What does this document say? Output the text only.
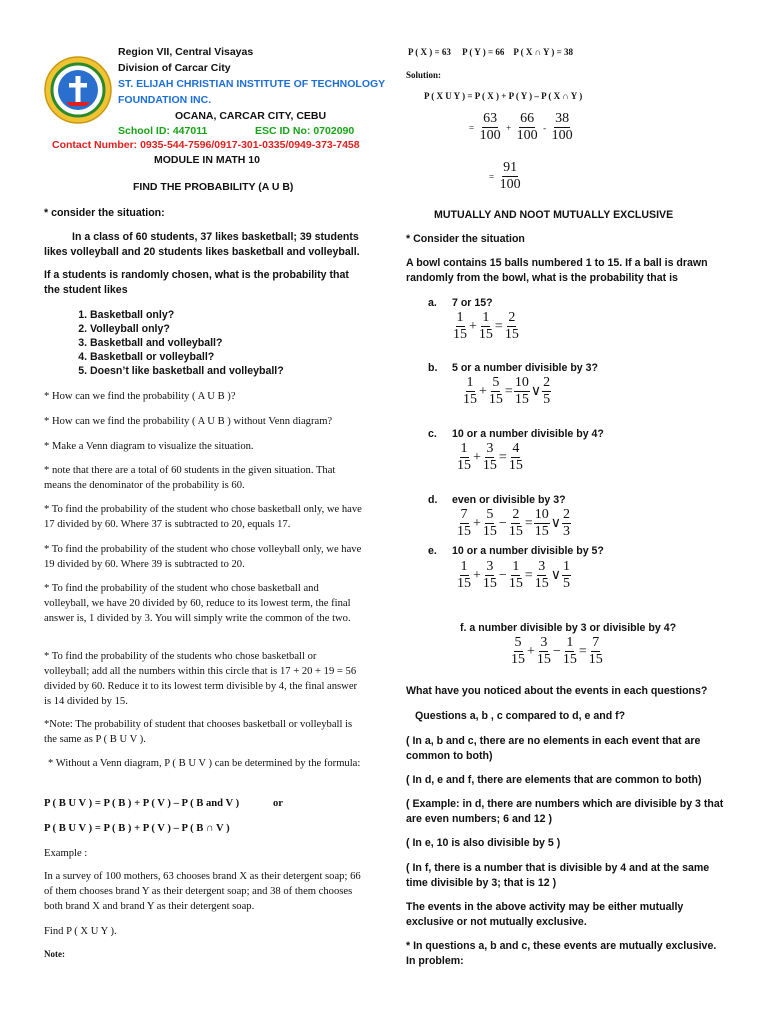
Region VII, Central Visayas
Division of Carcar City
ST. ELIJAH CHRISTIAN INSTITUTE OF TECHNOLOGY
FOUNDATION INC.
OCANA, CARCAR CITY, CEBU
School ID: 447011	ESC ID No: 0702090
Contact Number: 0935-544-7596/0917-301-0335/0949-373-7458
MODULE IN MATH 10
FIND THE PROBABILITY (A U B)

* consider the situation:

In a class of 60 students, 37 likes basketball; 39 students likes volleyball and 20 students likes basketball and volleyball.

If a students is randomly chosen, what is the probability that the student likes

1. Basketball only?
2. Volleyball only?
3. Basketball and volleyball?
4. Basketball or volleyball?
5. Doesn’t like basketball and volleyball?

* How can we find the probability ( A U B )?

* How can we find the probability ( A U B ) without Venn diagram?

* Make a Venn diagram to visualize the situation.

* note that there are a total of 60 students in the given situation. That means the denominator of the probability is 60.

* To find the probability of the student who chose basketball only, we have 17 divided by 60. Where 37 is subtracted to 20, equals 17.

* To find the probability of the student who chose volleyball only, we have 19 divided by 60. Where 39 is subtracted to 20.

* To find the probability of the student who chose basketball and volleyball, we have 20 divided by 60, reduce to its lowest term, the final answer is, 1 divided by 3. You will simply write the common of the two.

* To find the probability of the students who chose basketball or volleyball; add all the numbers within this circle that is 17 + 20 + 19 = 56 divided by 60. Reduce it to its lowest term divisible by 4, the final answer is 14 divided by 15.

*Note: The probability of student that chooses basketball or volleyball is the same as P ( B U V ).

* Without a Venn diagram, P ( B U V ) can be determined by the formula:

P ( B U V ) = P ( B ) + P ( V ) – P ( B and V )	or

P ( B U V ) = P ( B ) + P ( V ) – P ( B ∩ V )

Example :

In a survey of 100 mothers, 63 chooses brand X as their detergent soap; 66 of them chooses brand Y as their detergent soap; and 38 of them chooses both brand X and brand Y as their detergent soap.

Find P ( X U Y ).

Note:

P ( X ) = 63     P ( Y ) = 66    P ( X ∩ Y ) = 38

Solution:

P ( X U Y ) = P ( X ) + P ( Y ) – P ( X ∩ Y )

= $\frac{63}{100} + \frac{66}{100} - \frac{38}{100}$
= $\frac{91}{100}$

MUTUALLY AND NOOT MUTUALLY EXCLUSIVE

* Consider the situation

A bowl contains 15 balls numbered 1 to 15. If a ball is drawn randomly from the bowl, what is the probability that is

a. 7 or 15?

$\frac{1}{15} + \frac{1}{15} = \frac{2}{15}$

b. 5 or a number divisible by 3?

$\frac{1}{15} + \frac{5}{15} = \frac{10}{15}$ ∨ $\frac{2}{5}$

c. 10 or a number divisible by 4?

$\frac{1}{15} + \frac{3}{15} = \frac{4}{15}$

d. even or divisible by 3?

$\frac{7}{15} + \frac{5}{15} - \frac{2}{15} = \frac{10}{15}$ ∨ $\frac{2}{3}$

e. 10 or a number divisible by 5?

$\frac{1}{15} + \frac{3}{15} - \frac{1}{15} = \frac{3}{15}$ ∨ $\frac{1}{5}$

f. a number divisible by 3 or divisible by 4?

$\frac{5}{15} + \frac{3}{15} - \frac{1}{15} = \frac{7}{15}$

What have you noticed about the events in each questions?

Questions a, b , c compared to d, e and f?

( In a, b and c, there are no elements in each event that are common to both)

( In d, e and f, there are elements that are common to both)

( Example: in d, there are numbers which are divisible by 3 that are even numbers; 6 and 12 )

( In e, 10 is also divisible by 5 )

( In f, there is a number that is divisible by 4 and at the same time divisible by 3; that is 12 )

The events in the above activity may be either mutually exclusive or not mutually exclusive.

* In questions a, b and c, these events are mutually exclusive. In problem:
